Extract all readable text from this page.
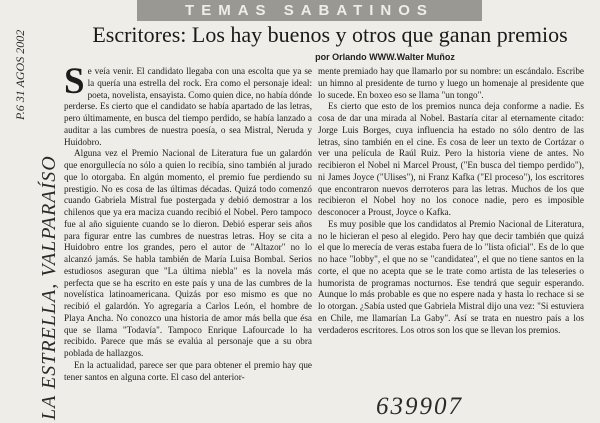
TEMAS SABATINOS
Escritores: Los hay buenos y otros que ganan premios
por Orlando WWW.Walter Muñoz

Se veía venir. El candidato llegaba con una escolta que ya se la quería una estrella del rock. Era como el personaje ideal: poeta, novelista, ensayista. Como quien dice, no había dónde perderse. Es cierto que el candidato se había apartado de las letras, pero últimamente, en busca del tiempo perdido, se había lanzado a auditar a las cumbres de nuestra poesía, o sea Mistral, Neruda y Huidobro.

Alguna vez el Premio Nacional de Literatura fue un galardón que enorgullecía no sólo a quien lo recibía, sino también al jurado que lo otorgaba. En algún momento, el premio fue perdiendo su prestigio. No es cosa de las últimas décadas. Quizá todo comenzó cuando Gabriela Mistral fue postergada y debió demostrar a los chilenos que ya era maciza cuando recibió el Nobel. Pero tampoco fue al año siguiente cuando se lo dieron. Debió esperar seis años para figurar entre las cumbres de nuestras letras. Hoy se cita a Huidobro entre los grandes, pero el autor de "Altazor" no lo alcanzó jamás. Se habla también de María Luisa Bombal. Serios estudiosos aseguran que "La última niebla" es la novela más perfecta que se ha escrito en este país y una de las cumbres de la novelística latinoamericana. Quizás por eso mismo es que no recibió el galardón. Yo agregaría a Carlos León, el hombre de Playa Ancha. No conozco una historia de amor más bella que ésa que se llama "Todavía". Tampoco Enrique Lafourcade lo ha recibido. Parece que más se evalúa al personaje que a su obra poblada de hallazgos.

En la actualidad, parece ser que para obtener el premio hay que tener santos en alguna corte. El caso del anterior-

mente premiado hay que llamarlo por su nombre: un escándalo. Escribe un himno al presidente de turno y luego un homenaje al presidente que lo sucede. En boxeo eso se llama "un tongo".

Es cierto que esto de los premios nunca deja conforme a nadie. Es cosa de dar una mirada al Nobel. Bastaría citar al eternamente citado: Jorge Luis Borges, cuya influencia ha estado no sólo dentro de las letras, sino también en el cine. Es cosa de leer un texto de Cortázar o ver una película de Raúl Ruiz. Pero la historia viene de antes. No recibieron el Nobel ni Marcel Proust, ("En busca del tiempo perdido"), ni James Joyce ("Ulises"), ni Franz Kafka ("El proceso"), los escritores que encontraron nuevos derroteros para las letras. Muchos de los que recibieron el Nobel hoy no los conoce nadie, pero es imposible desconocer a Proust, Joyce o Kafka.

Es muy posible que los candidatos al Premio Nacional de Literatura, no le hicieran el peso al elegido. Pero hay que decir también que quizá el que lo merecía de veras estaba fuera de lo "lista oficial". Es de lo que no hace "lobby", el que no se "candidatea", el que no tiene santos en la corte, el que no acepta que se le trate como artista de las teleseries o humorista de programas nocturnos. Ese tendrá que seguir esperando. Aunque lo más probable es que no espere nada y hasta lo rechace si se lo otorgan. ¿Sabía usted que Gabriela Mistral dijo una vez: "Si estuviera en Chile, me llamarían La Gaby". Así se trata en nuestro país a los verdaderos escritores. Los otros son los que se llevan los premios.

LA ESTRELLA, VALPARAÍSO
P.6 31 AGOS 2002
639907
